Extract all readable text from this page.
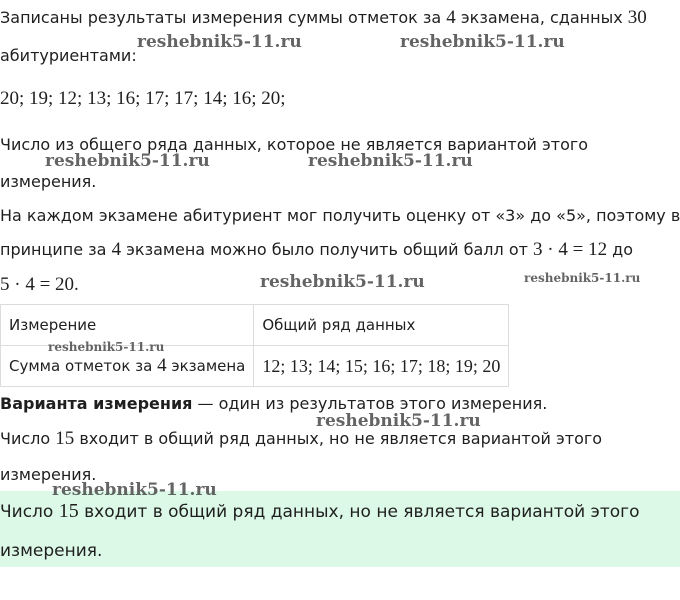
Записаны результаты измерения суммы отметок за 4 экзамена, сданных 30
абитуриентами:
20; 19; 12; 13; 16; 17; 17; 14; 16; 20;
Число из общего ряда данных, которое не является вариантой этого
измерения.
На каждом экзамене абитуриент мог получить оценку от «3» до «5», поэтому в
принципе за 4 экзамена можно было получить общий балл от 3 · 4 = 12 до
5 · 4 = 20.
Измерение	Общий ряд данных
Сумма отметок за 4 экзамена	12; 13; 14; 15; 16; 17; 18; 19; 20
Варианта измерения — один из результатов этого измерения.
Число 15 входит в общий ряд данных, но не является вариантой этого
измерения.
Число 15 входит в общий ряд данных, но не является вариантой этого
измерения.
reshebnik5-11.ru	reshebnik5-11.ru
reshebnik5-11.ru	reshebnik5-11.ru
reshebnik5-11.ru	reshebnik5-11.ru
reshebnik5-11.ru
reshebnik5-11.ru
reshebnik5-11.ru
